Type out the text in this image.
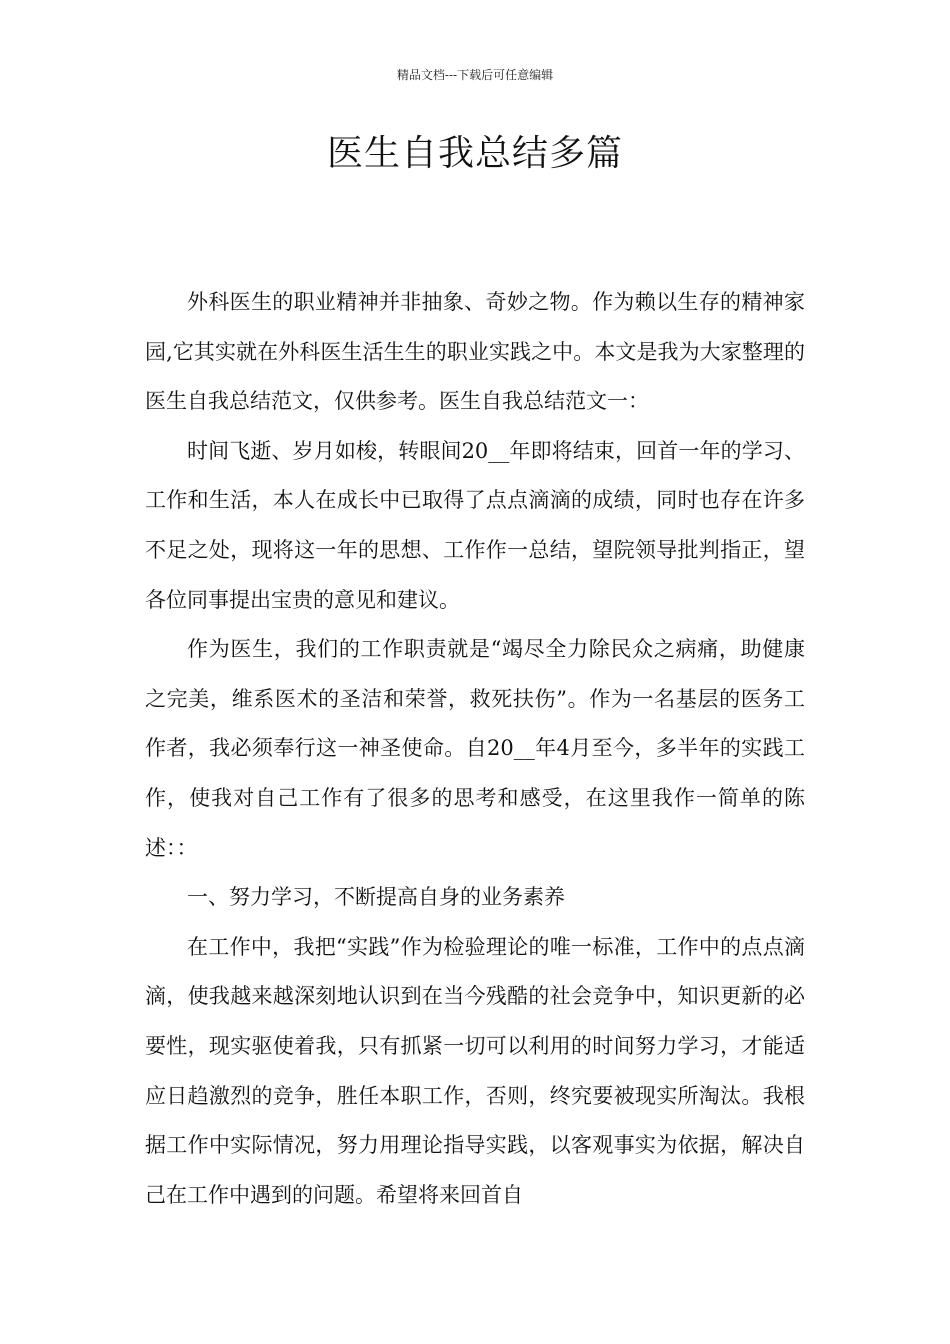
精品文档---下载后可任意编辑
医生自我总结多篇

外科医生的职业精神并非抽象、奇妙之物。作为赖以生存的精神家园,它其实就在外科医生活生生的职业实践之中。本文是我为大家整理的医生自我总结范文，仅供参考。医生自我总结范文一：

时间飞逝、岁月如梭，转眼间20__年即将结束，回首一年的学习、工作和生活，本人在成长中已取得了点点滴滴的成绩，同时也存在许多不足之处，现将这一年的思想、工作作一总结，望院领导批判指正，望各位同事提出宝贵的意见和建议。

作为医生，我们的工作职责就是“竭尽全力除民众之病痛，助健康之完美，维系医术的圣洁和荣誉，救死扶伤”。作为一名基层的医务工作者，我必须奉行这一神圣使命。自20__年4月至今，多半年的实践工作，使我对自己工作有了很多的思考和感受，在这里我作一简单的陈述：：

一、努力学习，不断提高自身的业务素养

在工作中，我把“实践”作为检验理论的唯一标准，工作中的点点滴滴，使我越来越深刻地认识到在当今残酷的社会竞争中，知识更新的必要性，现实驱使着我，只有抓紧一切可以利用的时间努力学习，才能适应日趋激烈的竞争，胜任本职工作，否则，终究要被现实所淘汰。我根据工作中实际情况，努力用理论指导实践，以客观事实为依据，解决自己在工作中遇到的问题。希望将来回首自
